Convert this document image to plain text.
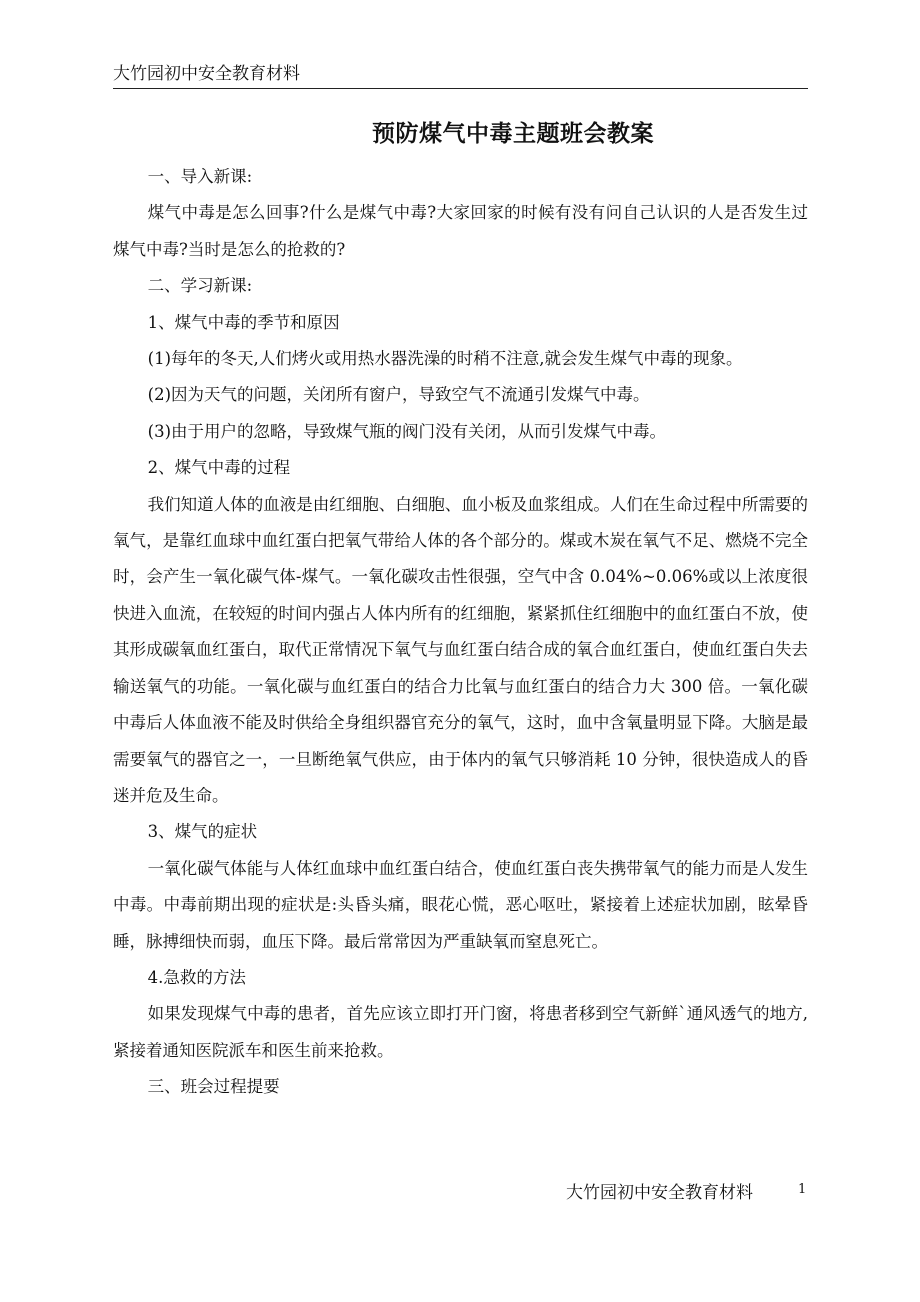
大竹园初中安全教育材料
预防煤气中毒主题班会教案

一、导入新课:

煤气中毒是怎么回事?什么是煤气中毒?大家回家的时候有没有问自己认识的人是否发生过煤气中毒?当时是怎么的抢救的?

二、学习新课:

1、煤气中毒的季节和原因

(1)每年的冬天,人们烤火或用热水器洗澡的时稍不注意,就会发生煤气中毒的现象。

(2)因为天气的问题，关闭所有窗户，导致空气不流通引发煤气中毒。

(3)由于用户的忽略，导致煤气瓶的阀门没有关闭，从而引发煤气中毒。

2、煤气中毒的过程

我们知道人体的血液是由红细胞、白细胞、血小板及血浆组成。人们在生命过程中所需要的氧气，是靠红血球中血红蛋白把氧气带给人体的各个部分的。煤或木炭在氧气不足、燃烧不完全时，会产生一氧化碳气体-煤气。一氧化碳攻击性很强，空气中含 0.04%~0.06%或以上浓度很快进入血流，在较短的时间内强占人体内所有的红细胞，紧紧抓住红细胞中的血红蛋白不放，使其形成碳氧血红蛋白，取代正常情况下氧气与血红蛋白结合成的氧合血红蛋白，使血红蛋白失去输送氧气的功能。一氧化碳与血红蛋白的结合力比氧与血红蛋白的结合力大 300 倍。一氧化碳中毒后人体血液不能及时供给全身组织器官充分的氧气，这时，血中含氧量明显下降。大脑是最需要氧气的器官之一，一旦断绝氧气供应，由于体内的氧气只够消耗 10 分钟，很快造成人的昏迷并危及生命。

3、煤气的症状

一氧化碳气体能与人体红血球中血红蛋白结合，使血红蛋白丧失携带氧气的能力而是人发生中毒。中毒前期出现的症状是:头昏头痛，眼花心慌，恶心呕吐，紧接着上述症状加剧，眩晕昏睡，脉搏细快而弱，血压下降。最后常常因为严重缺氧而窒息死亡。

4.急救的方法

如果发现煤气中毒的患者，首先应该立即打开门窗，将患者移到空气新鲜`通风透气的地方,紧接着通知医院派车和医生前来抢救。

三、班会过程提要

大竹园初中安全教育材料	1
